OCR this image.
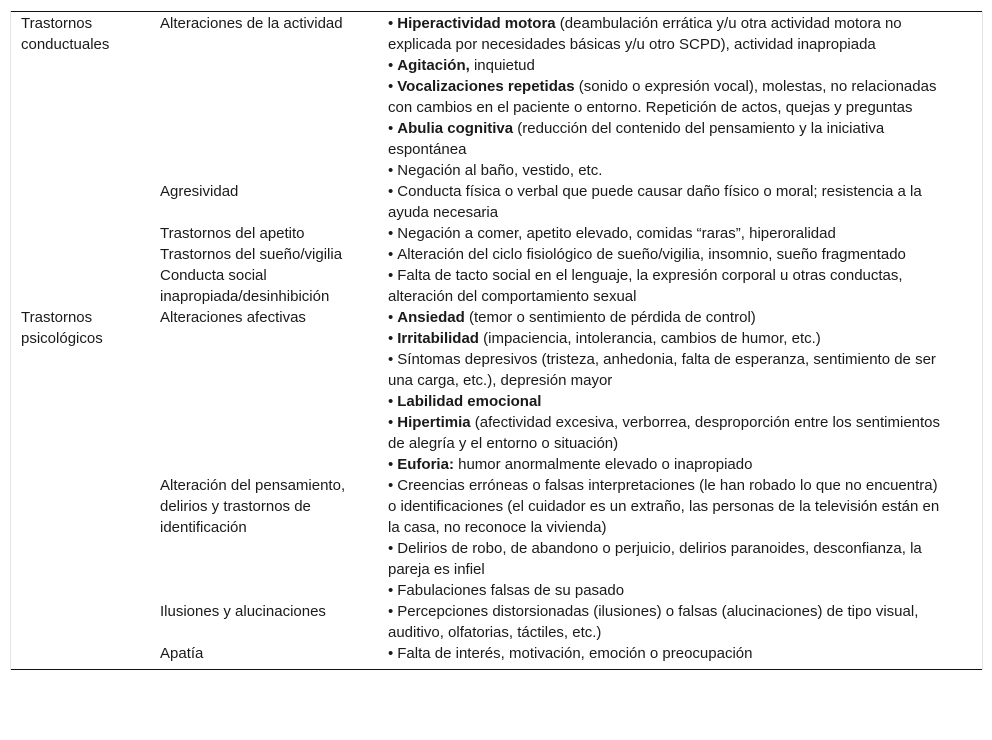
Trastornos conductuales	Alteraciones de la actividad	• Hiperactividad motora (deambulación errática y/u otra actividad motora no explicada por necesidades básicas y/u otro SCPD), actividad inapropiada
• Agitación, inquietud
• Vocalizaciones repetidas (sonido o expresión vocal), molestas, no relacionadas con cambios en el paciente o entorno. Repetición de actos, quejas y preguntas
• Abulia cognitiva (reducción del contenido del pensamiento y la iniciativa espontánea
• Negación al baño, vestido, etc.

	Agresividad	• Conducta física o verbal que puede causar daño físico o moral; resistencia a la ayuda necesaria

	Trastornos del apetito	• Negación a comer, apetito elevado, comidas “raras”, hiperoralidad

	Trastornos del sueño/vigilia	• Alteración del ciclo fisiológico de sueño/vigilia, insomnio, sueño fragmentado

	Conducta social inapropiada/desinhibición	• Falta de tacto social en el lenguaje, la expresión corporal u otras conductas, alteración del comportamiento sexual

Trastornos psicológicos	Alteraciones afectivas	• Ansiedad (temor o sentimiento de pérdida de control)
• Irritabilidad (impaciencia, intolerancia, cambios de humor, etc.)
• Síntomas depresivos (tristeza, anhedonia, falta de esperanza, sentimiento de ser una carga, etc.), depresión mayor
• Labilidad emocional
• Hipertimia (afectividad excesiva, verborrea, desproporción entre los sentimientos de alegría y el entorno o situación)
• Euforia: humor anormalmente elevado o inapropiado

	Alteración del pensamiento, delirios y trastornos de identificación	• Creencias erróneas o falsas interpretaciones (le han robado lo que no encuentra) o identificaciones (el cuidador es un extraño, las personas de la televisión están en la casa, no reconoce la vivienda)
• Delirios de robo, de abandono o perjuicio, delirios paranoides, desconfianza, la pareja es infiel
• Fabulaciones falsas de su pasado

	Ilusiones y alucinaciones	• Percepciones distorsionadas (ilusiones) o falsas (alucinaciones) de tipo visual, auditivo, olfatorias, táctiles, etc.)

	Apatía	• Falta de interés, motivación, emoción o preocupación
